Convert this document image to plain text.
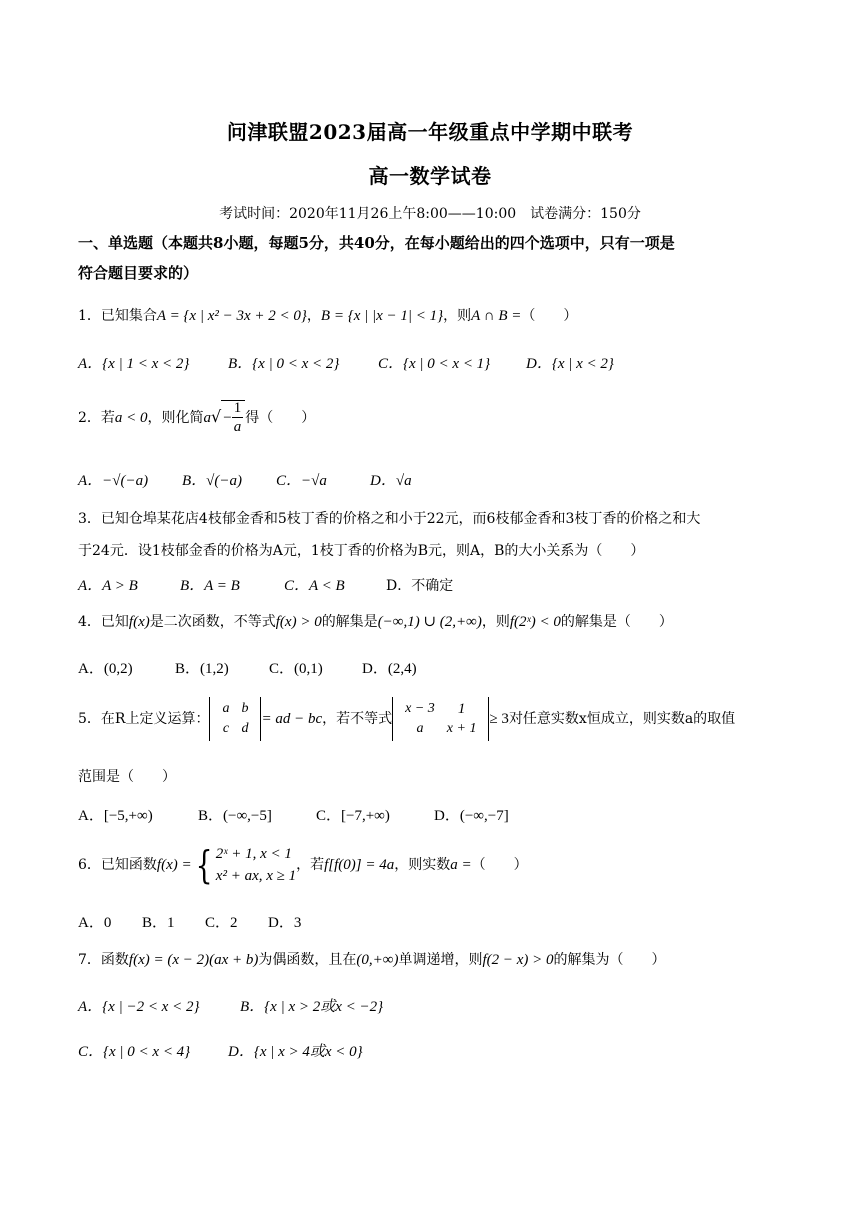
问津联盟2023届高一年级重点中学期中联考
高一数学试卷
考试时间：2020年11月26上午8:00——10:00　试卷满分：150分
一、单选题（本题共8小题，每题5分，共40分，在每小题给出的四个选项中，只有一项是
符合题目要求的）
1．已知集合A = {x | x² − 3x + 2 < 0}，B = {x | |x − 1| < 1}，则A ∩ B =（　　）
A．{x | 1 < x < 2}	B．{x | 0 < x < 2}	C．{x | 0 < x < 1} D．{x | x < 2}
2．若a < 0，则化简$a√ - \frac{1}{a}$ 得（　　）
A．−√(−a) B．√(−a) C．−√a	D．√a
3．已知仓埠某花店4枝郁金香和5枝丁香的价格之和小于22元，而6枝郁金香和3枝丁香的价格之和大
于24元．设1枝郁金香的价格为A元，1枝丁香的价格为B元，则A，B的大小关系为（　　）
A．A > B	B．A = B	C．A < B	D．不确定
4．已知f(x)是二次函数，不等式f(x) > 0的解集是(−∞,1) ∪ (2,+∞)，则f(2ˣ) < 0的解集是（　　）
A．(0,2)	B．(1,2)	C．(0,1)	D．(2,4)
5．在R上定义运算：
a	b
c	d
= ad − bc，若不等式
x − 3	1
a	x + 1
≥ 3对任意实数x恒成立，则实数a的取值
范围是（　　）
A．[−5,+∞)	B．(−∞,−5]	C．[−7,+∞)	D．(−∞,−7]
6．已知函数f(x) = { 2ˣ + 1, x < 1
x² + ax, x ≥ 1
，若f[f(0)] = 4a，则实数a =（　　）
A．0 B．1 C．2 D．3
7．函数f(x) = (x − 2)(ax + b)为偶函数，且在(0,+∞)单调递增，则f(2 − x) > 0的解集为（　　）
A．{x | −2 < x < 2}	B．{x | x > 2或x < −2}
C．{x | 0 < x < 4}	D．{x | x > 4或x < 0}
